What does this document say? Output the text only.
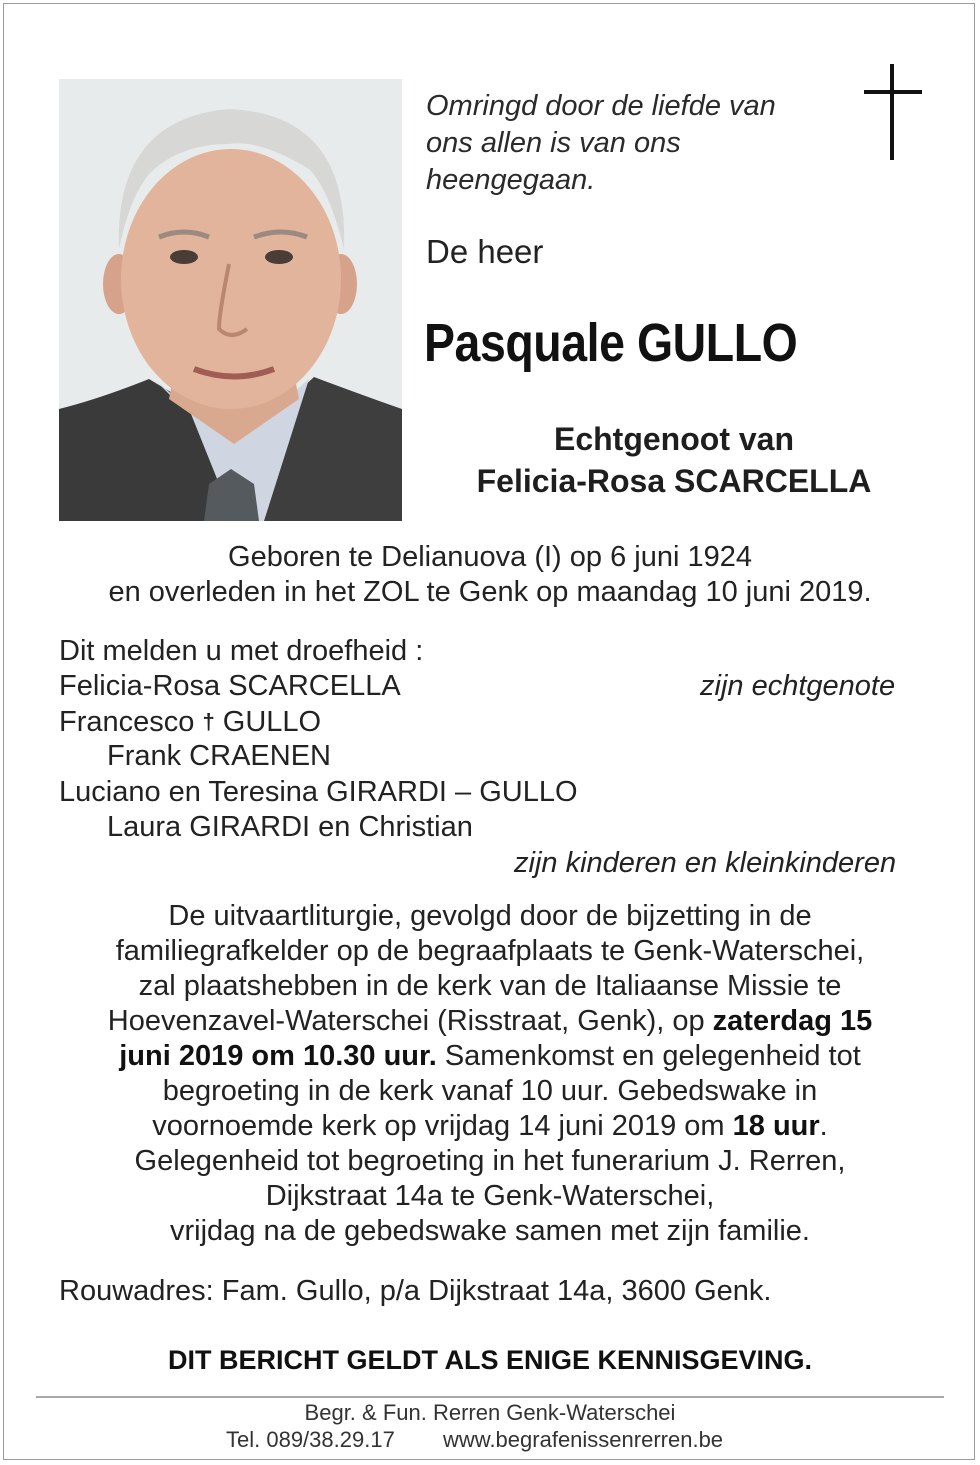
Omringd door de liefde van
ons allen is van ons
heengegaan.
De heer
Pasquale GULLO
Echtgenoot van
Felicia-Rosa SCARCELLA
Geboren te Delianuova (I) op 6 juni 1924
en overleden in het ZOL te Genk op maandag 10 juni 2019.
Dit melden u met droefheid :
Felicia-Rosa SCARCELLA	zijn echtgenote
Francesco † GULLO
Frank CRAENEN
Luciano en Teresina GIRARDI – GULLO
Laura GIRARDI en Christian
zijn kinderen en kleinkinderen
De uitvaartliturgie, gevolgd door de bijzetting in de
familiegrafkelder op de begraafplaats te Genk-Waterschei,
zal plaatshebben in de kerk van de Italiaanse Missie te
Hoevenzavel-Waterschei (Risstraat, Genk), op zaterdag 15
juni 2019 om 10.30 uur. Samenkomst en gelegenheid tot
begroeting in de kerk vanaf 10 uur. Gebedswake in
voornoemde kerk op vrijdag 14 juni 2019 om 18 uur.
Gelegenheid tot begroeting in het funerarium J. Rerren,
Dijkstraat 14a te Genk-Waterschei,
vrijdag na de gebedswake samen met zijn familie.
Rouwadres: Fam. Gullo, p/a Dijkstraat 14a, 3600 Genk.
DIT BERICHT GELDT ALS ENIGE KENNISGEVING.
Begr. & Fun. Rerren Genk-Waterschei
Tel. 089/38.29.17 www.begrafenissenrerren.be
